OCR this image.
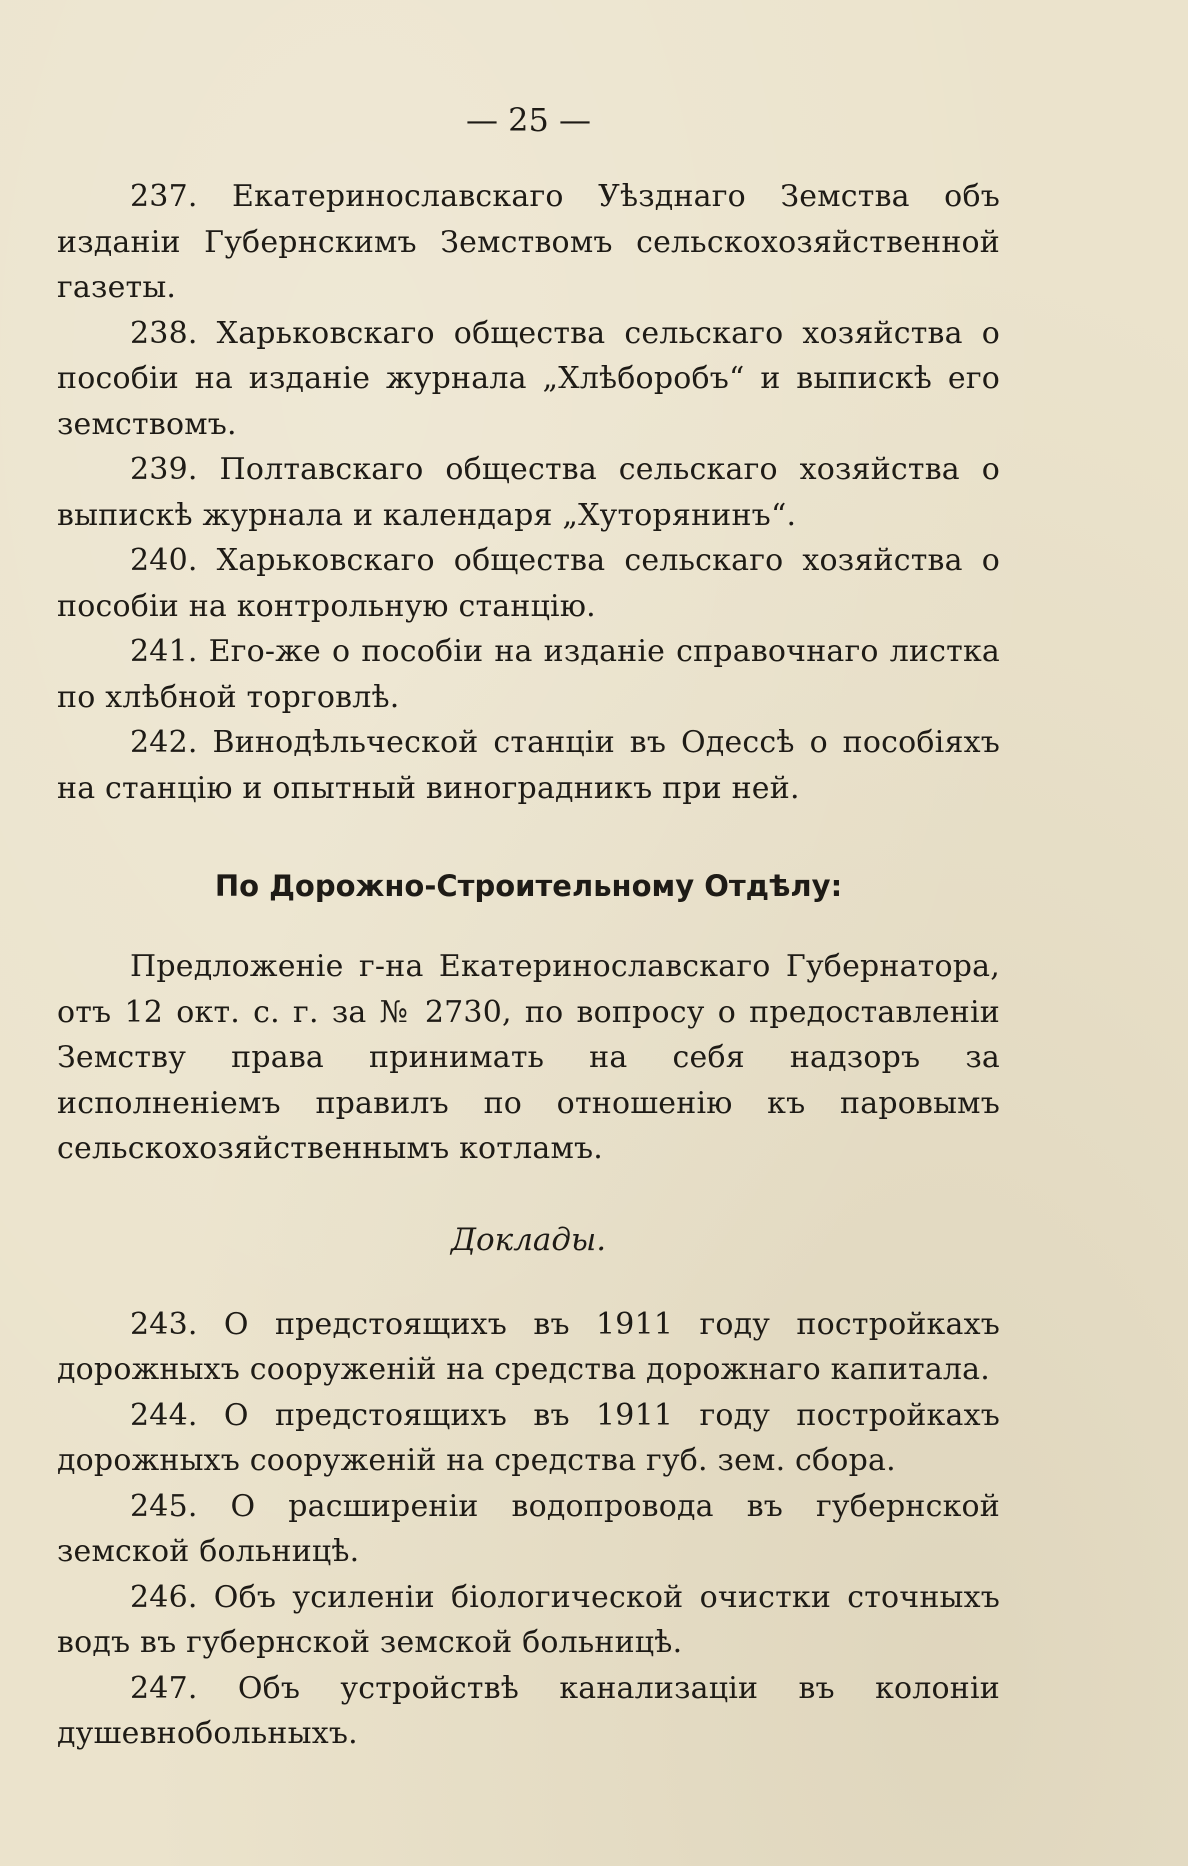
— 25 —

237. Екатеринославскаго Уѣзднаго Земства объ изданіи Губернскимъ Земствомъ сельскохозяйственной газеты.

238. Харьковскаго общества сельскаго хозяйства о пособіи на изданіе журнала „Хлѣборобъ“ и выпискѣ его земствомъ.

239. Полтавскаго общества сельскаго хозяйства о выпискѣ журнала и календаря „Хуторянинъ“.

240. Харьковскаго общества сельскаго хозяйства о пособіи на контрольную станцію.

241. Его-же о пособіи на изданіе справочнаго листка по хлѣбной торговлѣ.

242. Винодѣльческой станціи въ Одессѣ о пособіяхъ на станцію и опытный виноградникъ при ней.

По Дорожно-Строительному Отдѣлу:

Предложеніе г-на Екатеринославскаго Губернатора, отъ 12 окт. с. г. за № 2730, по вопросу о предоставленіи Земству права принимать на себя надзоръ за исполненіемъ правилъ по отношенію къ паровымъ сельскохозяйственнымъ котламъ.

Доклады.

243. О предстоящихъ въ 1911 году постройкахъ дорожныхъ сооруженій на средства дорожнаго капитала.

244. О предстоящихъ въ 1911 году постройкахъ дорожныхъ сооруженій на средства губ. зем. сбора.

245. О расширеніи водопровода въ губернской земской больницѣ.

246. Объ усиленіи біологической очистки сточныхъ водъ въ губернской земской больницѣ.

247. Объ устройствѣ канализаціи въ колоніи душевнобольныхъ.
